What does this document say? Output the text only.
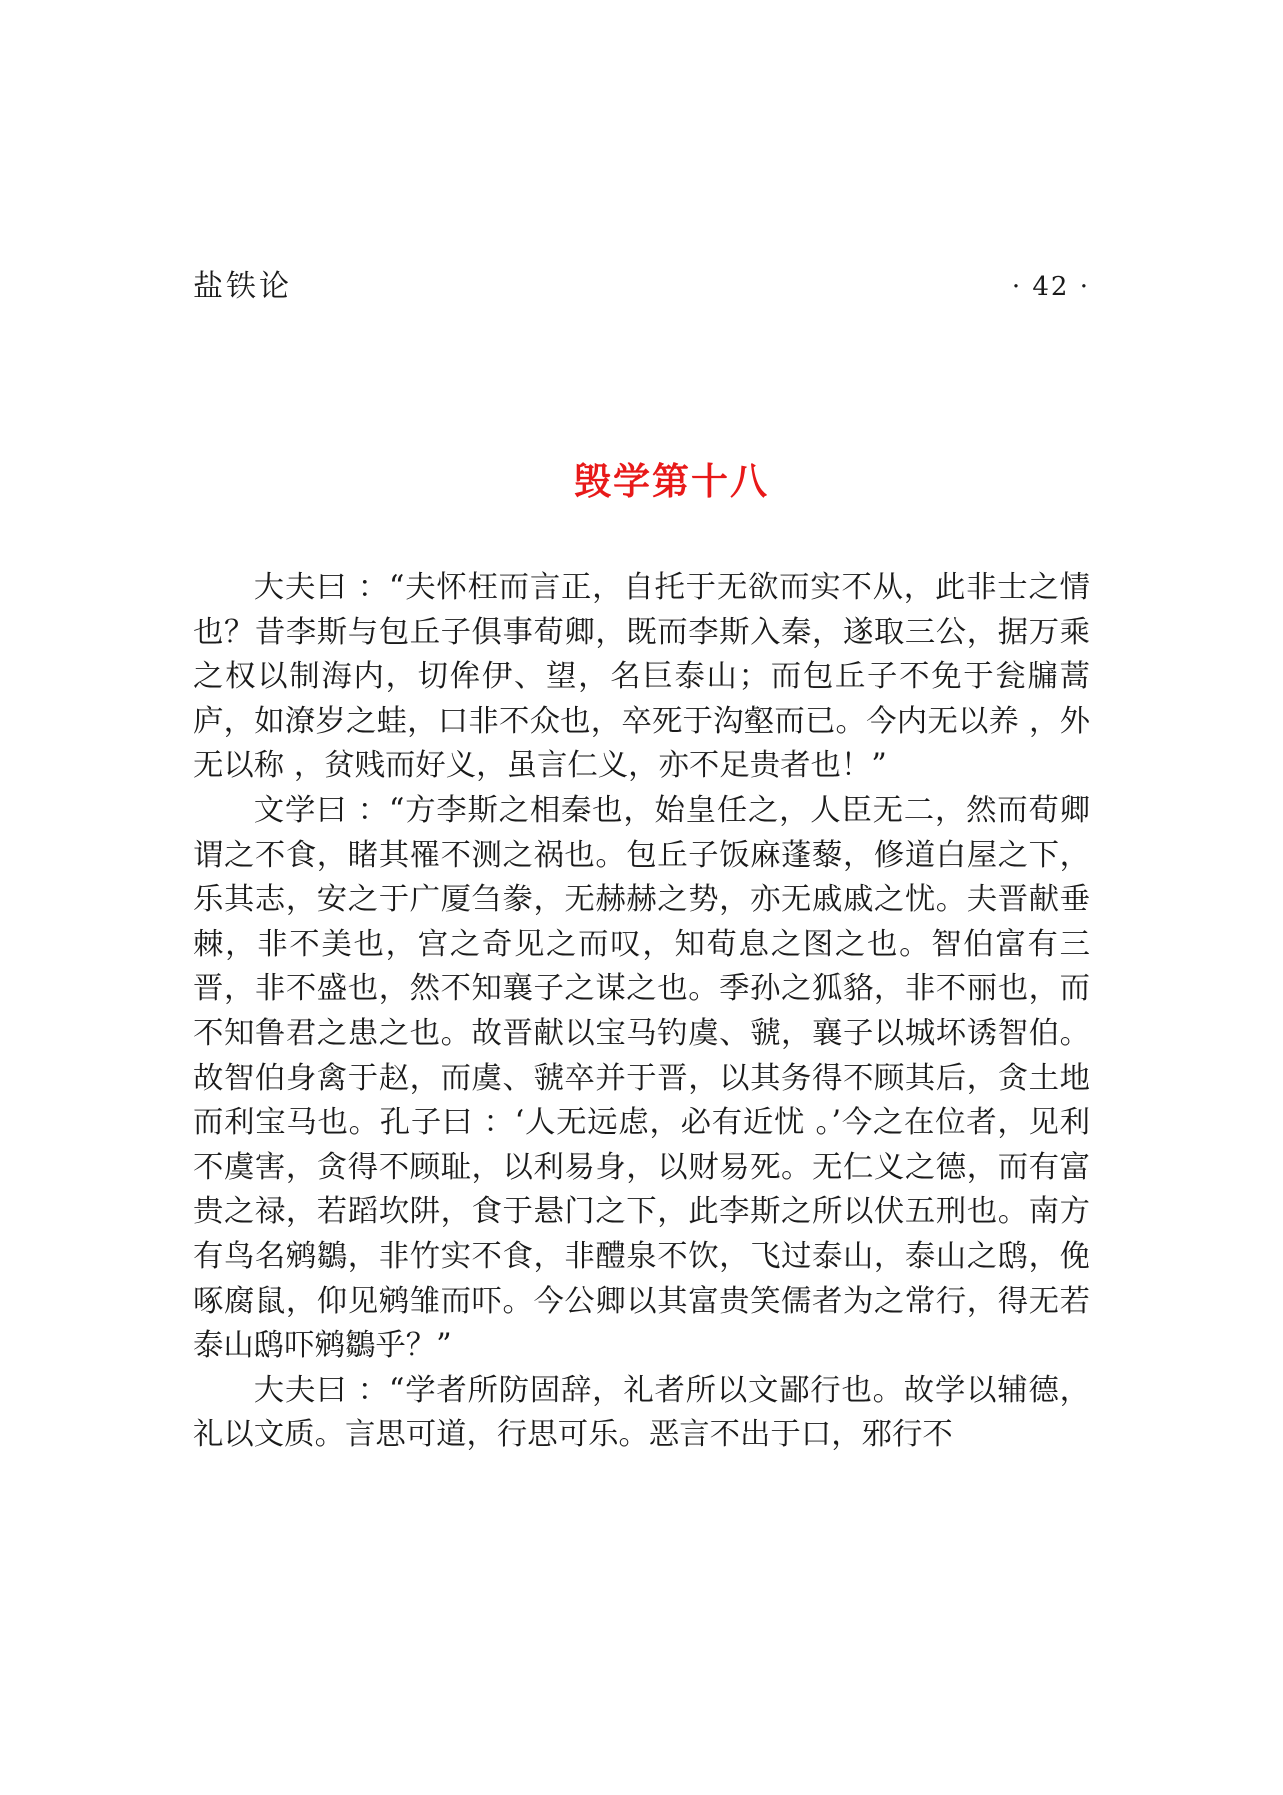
盐铁论	· 42 ·
毁学第十八

大夫曰 ：“夫怀枉而言正，自托于无欲而实不从，此非士之情也？昔李斯与包丘子俱事荀卿，既而李斯入秦，遂取三公，据万乘之权以制海内，切侔伊、望，名巨泰山；而包丘子不免于瓮牖蒿庐，如潦岁之蛙，口非不众也，卒死于沟壑而已。今内无以养 ，外无以称 ，贫贱而好义，虽言仁义，亦不足贵者也！”

文学曰 ：“方李斯之相秦也，始皇任之，人臣无二，然而荀卿谓之不食，睹其罹不测之祸也。包丘子饭麻蓬藜，修道白屋之下，乐其志，安之于广厦刍豢，无赫赫之势，亦无戚戚之忧。夫晋献垂棘，非不美也，宫之奇见之而叹，知荀息之图之也。智伯富有三晋，非不盛也，然不知襄子之谋之也。季孙之狐貉，非不丽也，而不知鲁君之患之也。故晋献以宝马钓虞、虢，襄子以城坏诱智伯。故智伯身禽于赵，而虞、虢卒并于晋，以其务得不顾其后，贪土地而利宝马也。孔子曰 ：‘人无远虑，必有近忧 。’今之在位者，见利不虞害，贪得不顾耻，以利易身，以财易死。无仁义之德，而有富贵之禄，若蹈坎阱，食于悬门之下，此李斯之所以伏五刑也。南方有鸟名鹓鶵，非竹实不食，非醴泉不饮，飞过泰山，泰山之鸱，俛啄腐鼠，仰见鹓雏而吓。今公卿以其富贵笑儒者为之常行，得无若泰山鸱吓鹓鶵乎？”

大夫曰 ：“学者所防固辞，礼者所以文鄙行也。故学以辅德，礼以文质。言思可道，行思可乐。恶言不出于口，邪行不
